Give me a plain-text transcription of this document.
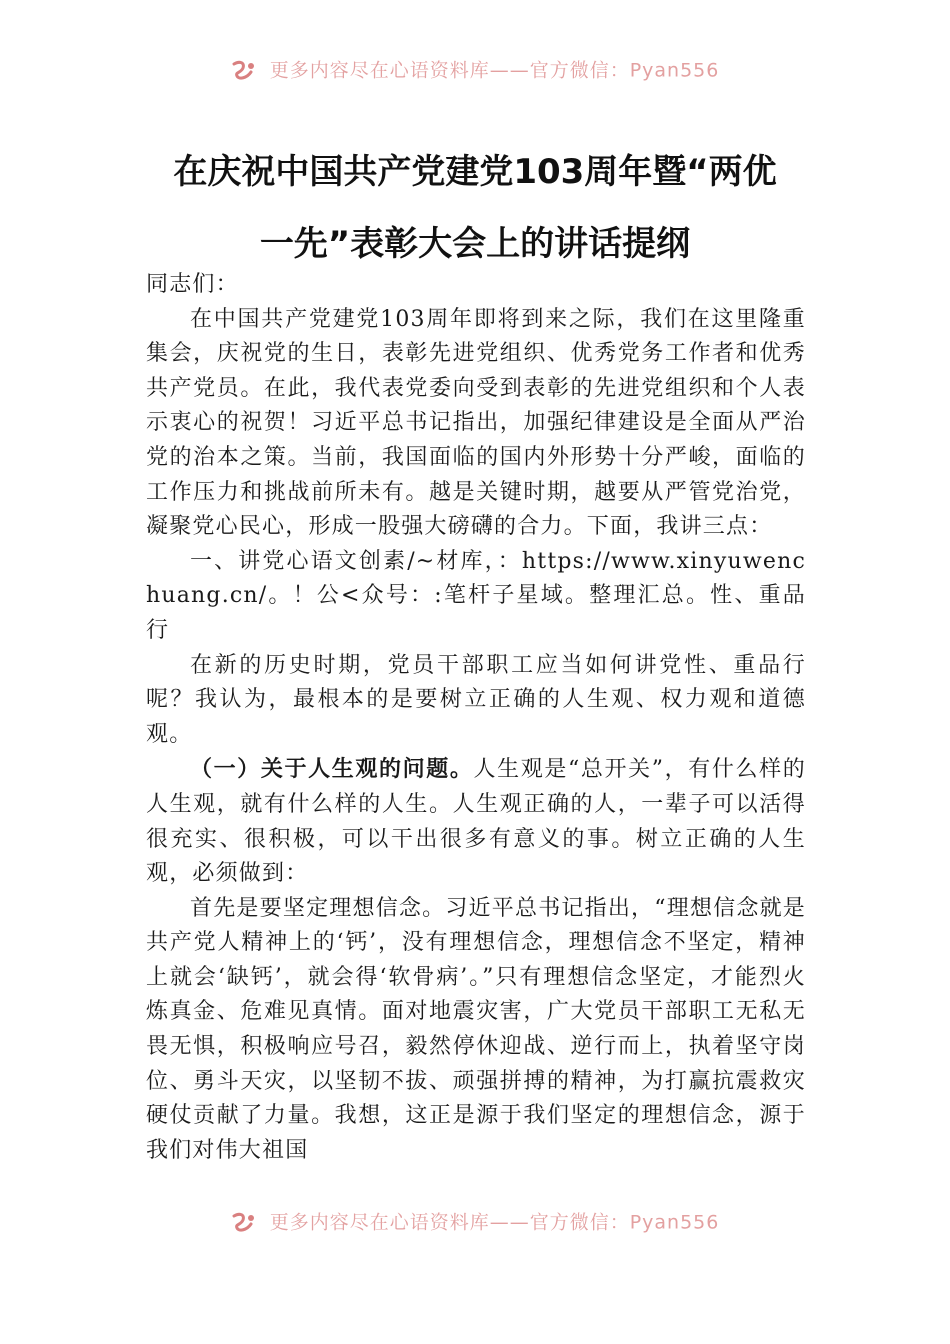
更多内容尽在心语资料库——官方微信：Pyan556
在庆祝中国共产党建党103周年暨“两优
一先”表彰大会上的讲话提纲

同志们：

在中国共产党建党103周年即将到来之际，我们在这里隆重集会，庆祝党的生日，表彰先进党组织、优秀党务工作者和优秀共产党员。在此，我代表党委向受到表彰的先进党组织和个人表示衷心的祝贺！习近平总书记指出，加强纪律建设是全面从严治党的治本之策。当前，我国面临的国内外形势十分严峻，面临的工作压力和挑战前所未有。越是关键时期，越要从严管党治党，凝聚党心民心，形成一股强大磅礴的合力。下面，我讲三点：

一、讲党心语文创素/~材库，：https://www.xinyuwenchuang.cn/。！公<众号：:笔杆子星域。整理汇总。性、重品行

在新的历史时期，党员干部职工应当如何讲党性、重品行呢？我认为，最根本的是要树立正确的人生观、权力观和道德观。

（一）关于人生观的问题。人生观是“总开关”，有什么样的人生观，就有什么样的人生。人生观正确的人，一辈子可以活得很充实、很积极，可以干出很多有意义的事。树立正确的人生观，必须做到：

首先是要坚定理想信念。习近平总书记指出，“理想信念就是共产党人精神上的‘钙’，没有理想信念，理想信念不坚定，精神上就会‘缺钙’，就会得‘软骨病’。”只有理想信念坚定，才能烈火炼真金、危难见真情。面对地震灾害，广大党员干部职工无私无畏无惧，积极响应号召，毅然停休迎战、逆行而上，执着坚守岗位、勇斗天灾，以坚韧不拔、顽强拼搏的精神，为打赢抗震救灾硬仗贡献了力量。我想，这正是源于我们坚定的理想信念，源于我们对伟大祖国

更多内容尽在心语资料库——官方微信：Pyan556
